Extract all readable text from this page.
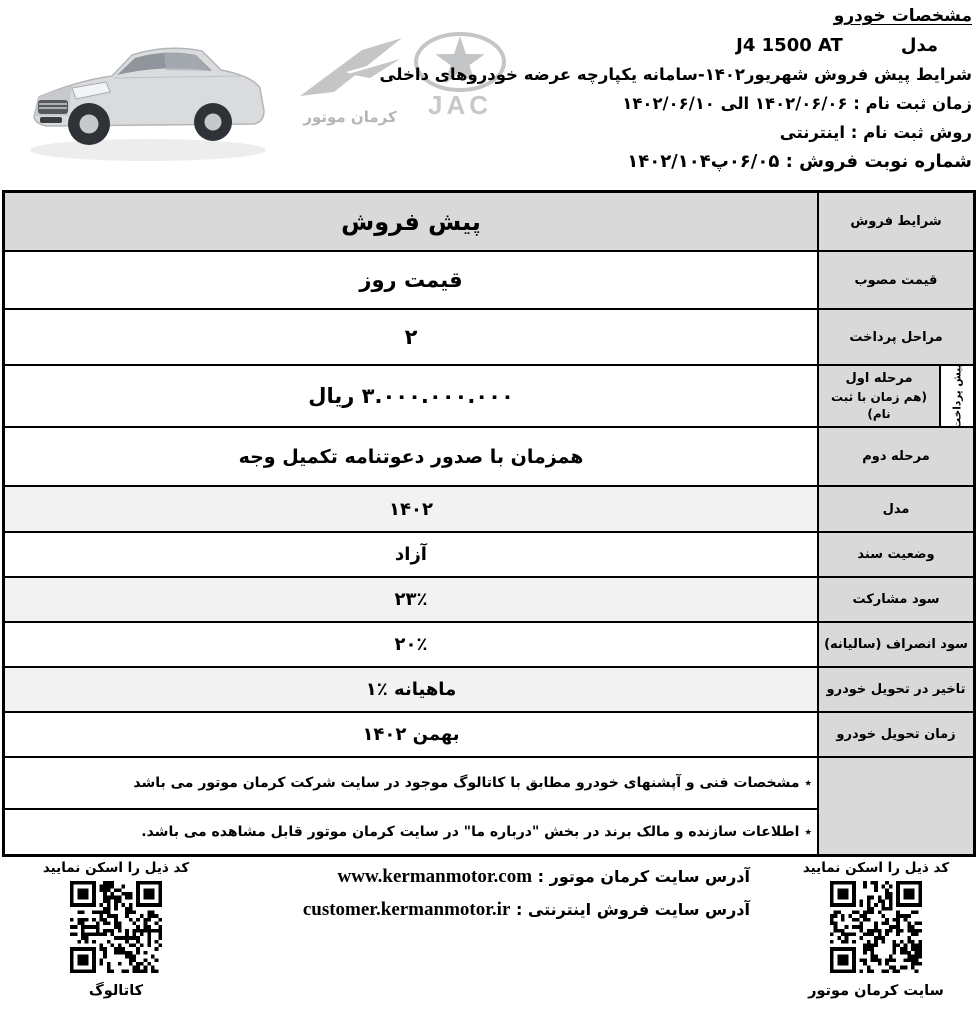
کرمان موتور JAC
مشخصات خودرو
مدل
J4 1500 AT
شرایط پیش فروش شهریور۱۴۰۲-سامانه یکپارچه عرضه خودروهای داخلی
زمان ثبت نام : ۱۴۰۲/۰۶/۰۶ الی ۱۴۰۲/۰۶/۱۰
روش ثبت نام : اینترنتی
شماره نوبت فروش : ۰۶/۰۵پ۱۴۰۲/۱۰۴
شرایط فروش
پیش فروش
قیمت مصوب
قیمت روز
مراحل پرداخت
۲
پیش پرداخت
مرحله اول
(هم زمان با ثبت نام)
۳.۰۰۰.۰۰۰.۰۰۰ ریال
مرحله دوم
همزمان با صدور دعوتنامه تکمیل وجه
مدل
۱۴۰۲
وضعیت سند
آزاد
سود مشارکت
۲۳٪
سود انصراف (سالیانه)
۲۰٪
تاخیر در تحویل خودرو
ماهیانه ٪۱
زمان تحویل خودرو
بهمن ۱۴۰۲
٭ مشخصات فنی و آپشنهای خودرو مطابق با کاتالوگ موجود در سایت شرکت کرمان موتور می باشد
٭ اطلاعات سازنده و مالک برند در بخش "درباره ما" در سایت کرمان موتور قابل مشاهده می باشد.
آدرس سایت کرمان موتور : www.kermanmotor.com
آدرس سایت فروش اینترنتی : customer.kermanmotor.ir
کد ذیل را اسکن نمایید
سایت کرمان موتور
کد ذیل را اسکن نمایید
کاتالوگ
